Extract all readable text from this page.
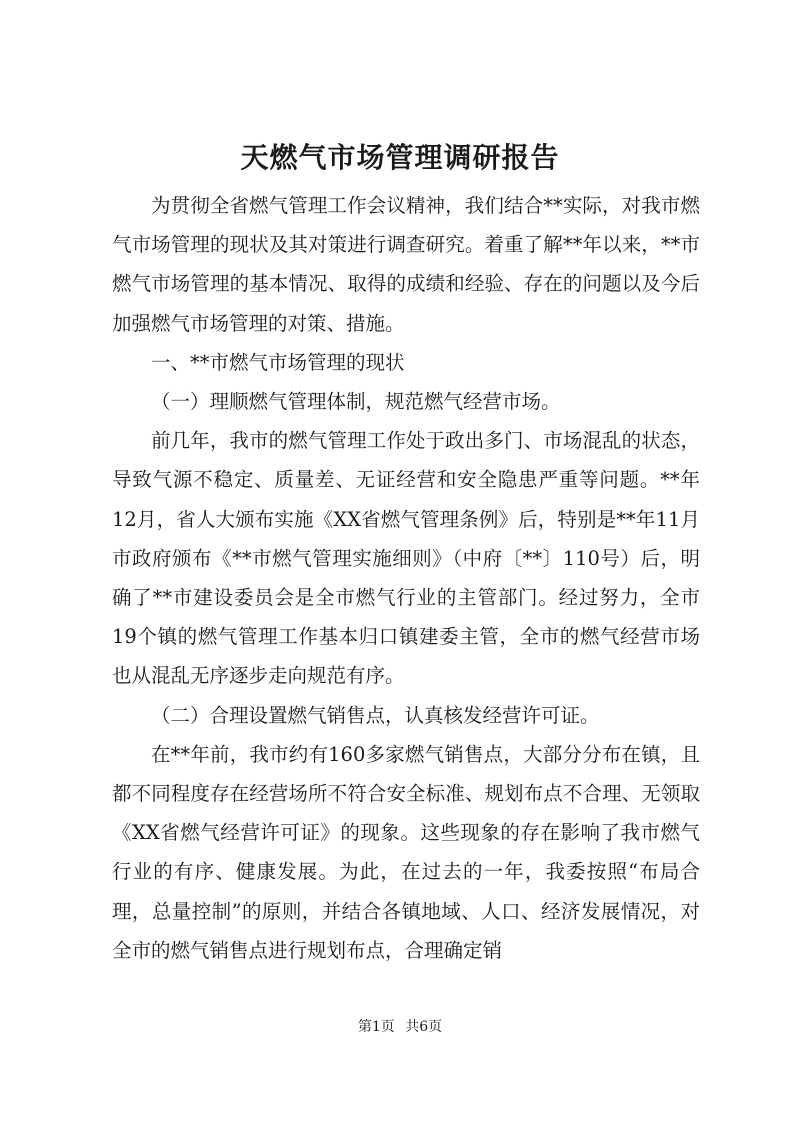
天燃气市场管理调研报告

为贯彻全省燃气管理工作会议精神，我们结合**实际，对我市燃气市场管理的现状及其对策进行调查研究。着重了解**年以来，**市燃气市场管理的基本情况、取得的成绩和经验、存在的问题以及今后加强燃气市场管理的对策、措施。

一、**市燃气市场管理的现状

（一）理顺燃气管理体制，规范燃气经营市场。

前几年，我市的燃气管理工作处于政出多门、市场混乱的状态，导致气源不稳定、质量差、无证经营和安全隐患严重等问题。**年12月，省人大颁布实施《XX省燃气管理条例》后，特别是**年11月市政府颁布《**市燃气管理实施细则》（中府〔**〕110号）后，明确了**市建设委员会是全市燃气行业的主管部门。经过努力，全市19个镇的燃气管理工作基本归口镇建委主管，全市的燃气经营市场也从混乱无序逐步走向规范有序。

（二）合理设置燃气销售点，认真核发经营许可证。

在**年前，我市约有160多家燃气销售点，大部分分布在镇，且都不同程度存在经营场所不符合安全标准、规划布点不合理、无领取《XX省燃气经营许可证》的现象。这些现象的存在影响了我市燃气行业的有序、健康发展。为此，在过去的一年，我委按照“布局合理，总量控制”的原则，并结合各镇地域、人口、经济发展情况，对全市的燃气销售点进行规划布点，合理确定销

第1页 共6页
